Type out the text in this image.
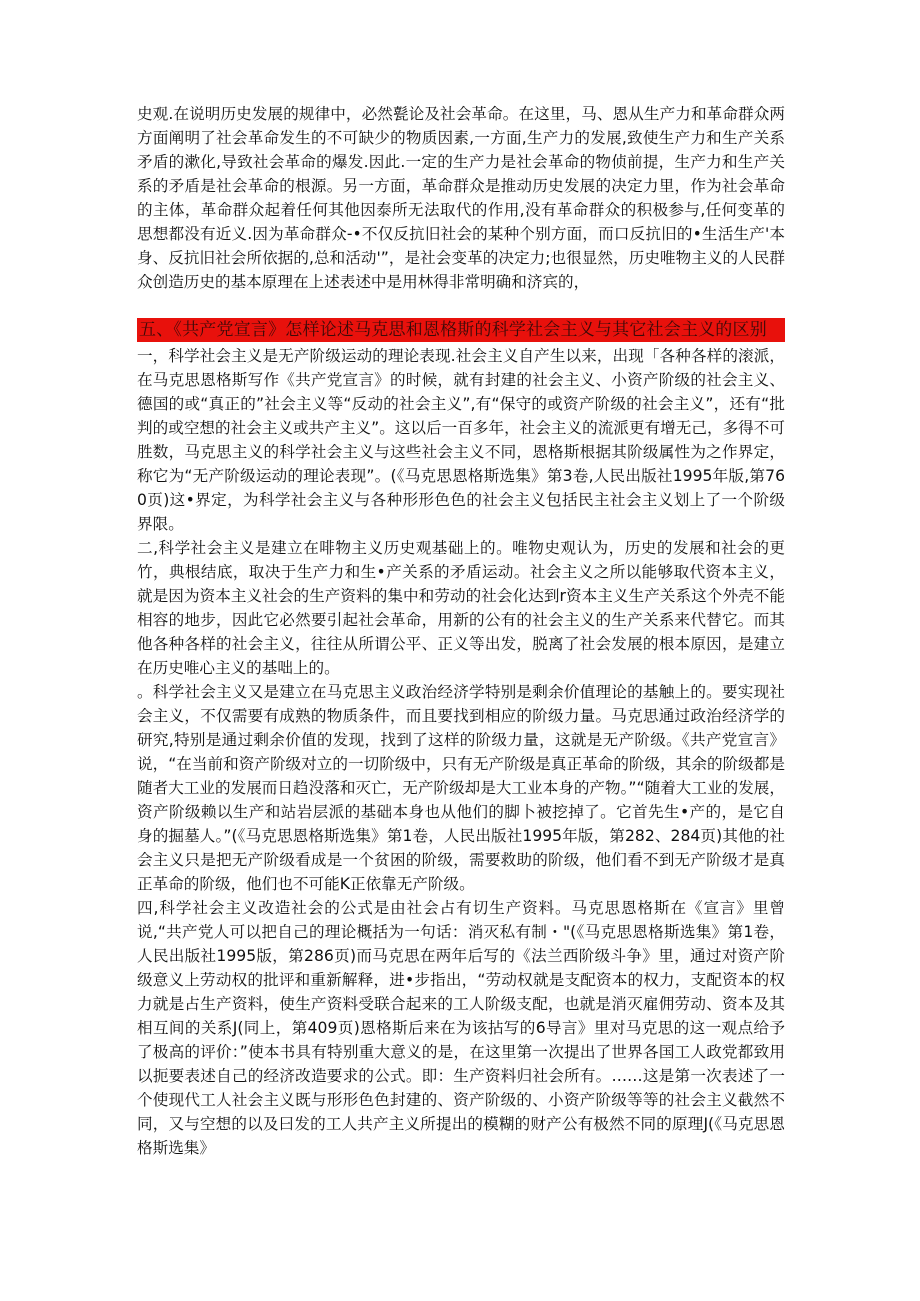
史观.在说明历史发展的规律中，必然甏论及社会革命。在这里，马、恩从生产力和革命群众两方面阐明了社会革命发生的不可缺少的物质因素,一方面,生产力的发展,致使生产力和生产关系矛盾的漱化,导致社会革命的爆发.因此.一定的生产力是社会革命的物侦前提，生产力和生产关系的矛盾是社会革命的根源。另一方面，革命群众是推动历史发展的决定力里，作为社会革命的主体，革命群众起着任何其他因泰所无法取代的作用,没有革命群众的积极参与,任何变革的思想都没有近义.因为革命群众-•不仅反抗旧社会的某种个别方面，而口反抗旧的•生活生产'本身、反抗旧社会所依据的,总和活动'”，是社会变革的决定力;也很显然，历史唯物主义的人民群众创造历史的基本原理在上述表述中是用林得非常明确和济宾的，

五、《共产党宣言》怎样论述马克思和恩格斯的科学社会主义与其它社会主义的区别

一，科学社会主义是无产阶级运动的理论表现.社会主义自产生以来，出现「各种各样的滚派，在马克思恩格斯写作《共产党宣言》的时候，就有封建的社会主义、小资产阶级的社会主义、德国的或“真正的”社会主义等“反动的社会主义”,有“保守的或资产阶级的社会主义”，还有“批判的或空想的社会主义或共产主义”。这以后一百多年，社会主义的流派更有增无己，多得不可胜数，马克思主义的科学社会主义与这些社会主义不同，恩格斯根据其阶级属性为之作界定，称它为“无产阶级运动的理论表现”。(《马克思恩格斯选集》第3卷,人民出版社1995年版,第760页)这•界定，为科学社会主义与各种形形色色的社会主义包括民主社会主义划上了一个阶级界限。

二,科学社会主义是建立在啡物主义历史观基础上的。唯物史观认为，历史的发展和社会的更竹，典根结底，取决于生产力和生•产关系的矛盾运动。社会主义之所以能够取代资本主义，就是因为资本主义社会的生产资料的集中和劳动的社会化达到r资本主义生产关系这个外壳不能相容的地步，因此它必然要引起社会革命，用新的公有的社会主义的生产关系来代替它。而其他各种各样的社会主义，往往从所谓公平、正义等出发，脱离了社会发展的根本原因，是建立在历史唯心主义的基咄上的。

。科学社会主义又是建立在马克思主义政治经济学特别是剩余价值理论的基触上的。要实现社会主义，不仅需要有成熟的物质条件，而且要找到相应的阶级力量。马克思通过政治经济学的研究,特别是通过剩余价值的发现，找到了这样的阶级力量，这就是无产阶级。《共产党宣言》说，“在当前和资产阶级对立的一切阶级中，只有无产阶级是真正革命的阶级，其余的阶级都是随者大工业的发展而日趋没落和灭亡，无产阶级却是大工业本身的产物。”“随着大工业的发展，资产阶级赖以生产和站岩层派的基础本身也从他们的脚卜被挖掉了。它首先生•产的，是它自身的掘墓人。”(《马克思恩格斯选集》第1卷，人民出版社1995年版，第282、284页)其他的社会主义只是把无产阶级看成是一个贫困的阶级，需要救助的阶级，他们看不到无产阶级才是真正革命的阶级，他们也不可能K正依靠无产阶级。

四,科学社会主义改造社会的公式是由社会占有切生产资料。马克思恩格斯在《宣言》里曾说,“共产党人可以把自己的理论概括为一句话：消灭私有制・"(《马克思恩格斯选集》第1卷，人民出版社1995版，第286页)而马克思在两年后写的《法兰西阶级斗争》里，通过对资产阶级意义上劳动权的批评和重新解释，进•步指出，“劳动权就是支配资本的权力，支配资本的权力就是占生产资料，使生产资料受联合起来的工人阶级支配，也就是消灭雇佣劳动、资本及其相互间的关系J(同上，第409页)恩格斯后来在为该拈写的6导言》里对马克思的这一观点给予了极高的评价：”使本书具有特别重大意义的是，在这里第一次提出了世界各国工人政党都致用以扼要表述自己的经济改造要求的公式。即：生产资料归社会所有。……这是第一次表述了一个使现代工人社会主义既与形形色色封建的、资产阶级的、小资产阶级等等的社会主义截然不同，又与空想的以及曰发的工人共产主义所提出的模糊的财产公有极然不同的原理J(《马克思恩格斯选集》
